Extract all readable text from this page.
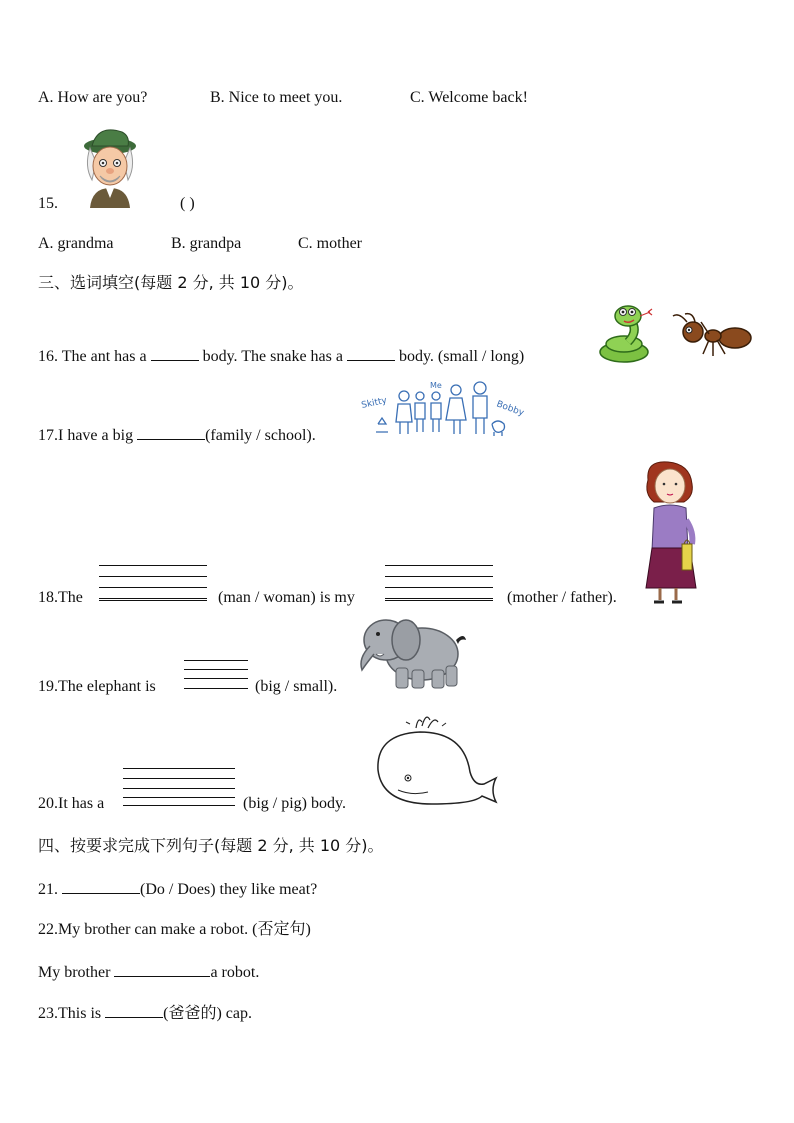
A. How are you?	B. Nice to meet you.	C. Welcome back!
15.	( )
A. grandma	B. grandpa	C. mother
三、选词填空(每题 2 分, 共 10 分)。
16. The ant has a	body. The snake has a	body. (small / long)
17.I have a big	(family / school).
Skitty
Me
Bobby
18.The	(man / woman) is my	(mother / father).
19.The elephant is	(big / small).
20.It has a	(big / pig) body.
四、按要求完成下列句子(每题 2 分, 共 10 分)。
21.	(Do / Does) they like meat?
22.My brother can make a robot. (否定句)
My brother	a robot.
23.This is	(爸爸的) cap.
